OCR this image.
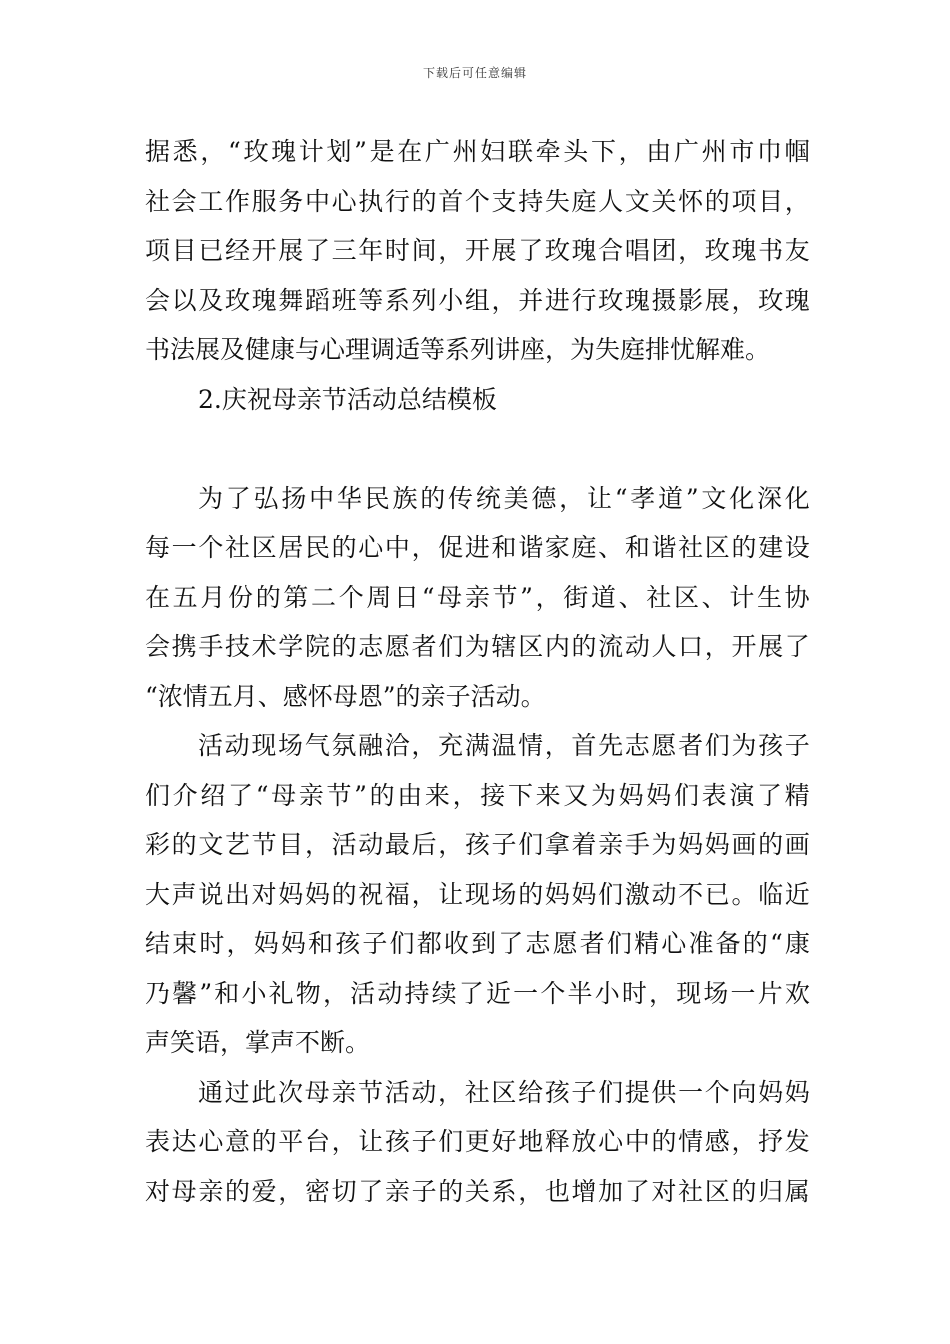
下载后可任意编辑
据 悉 ， “ 玫 瑰 计 划 ” 是 在 广 州 妇 联 牵 头 下 ， 由 广 州 市 巾 帼
社 会 工 作 服 务 中 心 执 行 的 首 个 支 持 失 庭 人 文 关 怀 的 项 目 ，
项 目 已 经 开 展 了 三 年 时 间 ， 开 展 了 玫 瑰 合 唱 团 ， 玫 瑰 书 友
会 以 及 玫 瑰 舞 蹈 班 等 系 列 小 组 ， 并 进 行 玫 瑰 摄 影 展 ， 玫 瑰
书法展及健康与心理调适等系列讲座，为失庭排忧解难。
2.庆祝母亲节活动总结模板
为 了 弘 扬 中 华 民 族 的 传 统 美 德 ， 让 “ 孝 道 ” 文 化 深 化
每 一 个 社 区 居 民 的 心 中 ， 促 进 和 谐 家 庭 、 和 谐 社 区 的 建 设
在 五 月 份 的 第 二 个 周 日 “ 母 亲 节 ” ， 街 道 、 社 区 、 计 生 协
会 携 手 技 术 学 院 的 志 愿 者 们 为 辖 区 内 的 流 动 人 口 ， 开 展 了
“浓情五月、感怀母恩”的亲子活动。
活 动 现 场 气 氛 融 洽 ， 充 满 温 情 ， 首 先 志 愿 者 们 为 孩 子
们 介 绍 了 “ 母 亲 节 ” 的 由 来 ， 接 下 来 又 为 妈 妈 们 表 演 了 精
彩 的 文 艺 节 目 ， 活 动 最 后 ， 孩 子 们 拿 着 亲 手 为 妈 妈 画 的 画
大 声 说 出 对 妈 妈 的 祝 福 ， 让 现 场 的 妈 妈 们 激 动 不 已 。 临 近
结 束 时 ， 妈 妈 和 孩 子 们 都 收 到 了 志 愿 者 们 精 心 准 备 的 “ 康
乃 馨 ” 和 小 礼 物 ， 活 动 持 续 了 近 一 个 半 小 时 ， 现 场 一 片 欢
声笑语，掌声不断。
通 过 此 次 母 亲 节 活 动 ， 社 区 给 孩 子 们 提 供 一 个 向 妈 妈
表 达 心 意 的 平 台 ， 让 孩 子 们 更 好 地 释 放 心 中 的 情 感 ， 抒 发
对 母 亲 的 爱 ， 密 切 了 亲 子 的 关 系 ， 也 增 加 了 对 社 区 的 归 属
